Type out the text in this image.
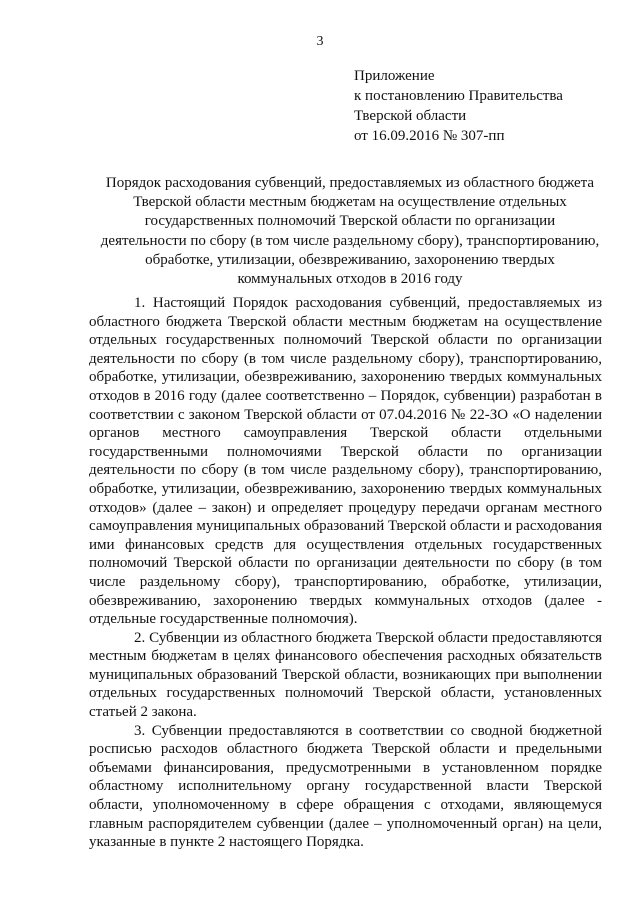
3
Приложение
к постановлению Правительства
Тверской области
от 16.09.2016 № 307-пп
Порядок расходования субвенций, предоставляемых из областного бюджета
Тверской области местным бюджетам на осуществление отдельных
государственных полномочий Тверской области по организации
деятельности по сбору (в том числе раздельному сбору), транспортированию,
обработке, утилизации, обезвреживанию, захоронению твердых
коммунальных отходов в 2016 году

1. Настоящий Порядок расходования субвенций, предоставляемых из областного бюджета Тверской области местным бюджетам на осуществление отдельных государственных полномочий Тверской области по организации деятельности по сбору (в том числе раздельному сбору), транспортированию, обработке, утилизации, обезвреживанию, захоронению твердых коммунальных отходов в 2016 году (далее соответственно – Порядок, субвенции) разработан в соответствии с законом Тверской области от 07.04.2016 № 22-ЗО «О наделении органов местного самоуправления Тверской области отдельными государственными полномочиями Тверской области по организации деятельности по сбору (в том числе раздельному сбору), транспортированию, обработке, утилизации, обезвреживанию, захоронению твердых коммунальных отходов» (далее – закон) и определяет процедуру передачи органам местного самоуправления муниципальных образований Тверской области и расходования ими финансовых средств для осуществления отдельных государственных полномочий Тверской области по организации деятельности по сбору (в том числе раздельному сбору), транспортированию, обработке, утилизации, обезвреживанию, захоронению твердых коммунальных отходов (далее - отдельные государственные полномочия).

2. Субвенции из областного бюджета Тверской области предоставляются местным бюджетам в целях финансового обеспечения расходных обязательств муниципальных образований Тверской области, возникающих при выполнении отдельных государственных полномочий Тверской области, установленных статьей 2 закона.

3. Субвенции предоставляются в соответствии со сводной бюджетной росписью расходов областного бюджета Тверской области и предельными объемами финансирования, предусмотренными в установленном порядке областному исполнительному органу государственной власти Тверской области, уполномоченному в сфере обращения с отходами, являющемуся главным распорядителем субвенции (далее – уполномоченный орган) на цели, указанные в пункте 2 настоящего Порядка.
